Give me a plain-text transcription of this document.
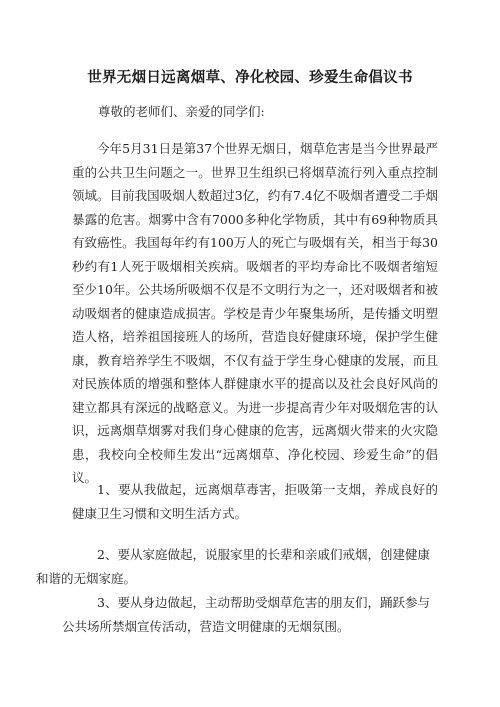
世界无烟日远离烟草、净化校园、珍爱生命倡议书
尊敬的老师们、亲爱的同学们:
今年5月31日是第37个世界无烟日，烟草危害是当今世界最严重的公共卫生问题之一。世界卫生组织已将烟草流行列入重点控制领域。目前我国吸烟人数超过3亿，约有7.4亿不吸烟者遭受二手烟暴露的危害。烟雾中含有7000多种化学物质，其中有69种物质具有致癌性。我国每年约有100万人的死亡与吸烟有关，相当于每30秒约有1人死于吸烟相关疾病。吸烟者的平均寿命比不吸烟者缩短至少10年。公共场所吸烟不仅是不文明行为之一，还对吸烟者和被动吸烟者的健康造成损害。学校是青少年聚集场所，是传播文明塑造人格，培养祖国接班人的场所，营造良好健康环境，保护学生健康，教育培养学生不吸烟，不仅有益于学生身心健康的发展，而且对民族体质的增强和整体人群健康水平的提高以及社会良好风尚的建立都具有深远的战略意义。为进一步提高青少年对吸烟危害的认识，远离烟草烟雾对我们身心健康的危害，远离烟火带来的火灾隐患，我校向全校师生发出“远离烟草、净化校园、珍爱生命”的倡议。
1、要从我做起，远离烟草毒害，拒吸第一支烟，养成良好的健康卫生习惯和文明生活方式。
2、要从家庭做起，说服家里的长辈和亲戚们戒烟，创建健康
和谐的无烟家庭。
3、要从身边做起，主动帮助受烟草危害的朋友们，踊跃参与
公共场所禁烟宣传活动，营造文明健康的无烟氛围。
